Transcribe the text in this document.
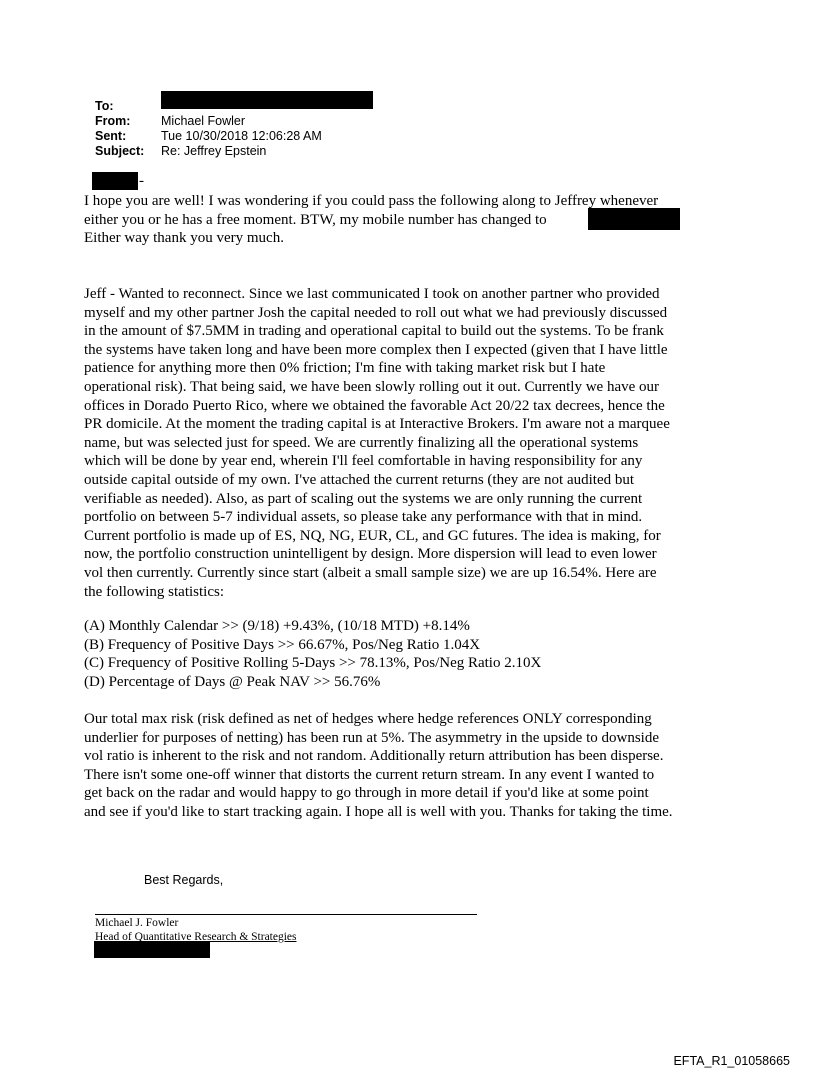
To:
From:	Michael Fowler
Sent:	Tue 10/30/2018 12:06:28 AM
Subject:	Re: Jeffrey Epstein
-

I hope you are well! I was wondering if you could pass the following along to Jeffrey whenever

either you or he has a free moment. BTW, my mobile number has changed to

Either way thank you very much.

Jeff - Wanted to reconnect. Since we last communicated I took on another partner who provided

myself and my other partner Josh the capital needed to roll out what we had previously discussed

in the amount of $7.5MM in trading and operational capital to build out the systems. To be frank

the systems have taken long and have been more complex then I expected (given that I have little

patience for anything more then 0% friction; I'm fine with taking market risk but I hate

operational risk). That being said, we have been slowly rolling out it out. Currently we have our

offices in Dorado Puerto Rico, where we obtained the favorable Act 20/22 tax decrees, hence the

PR domicile. At the moment the trading capital is at Interactive Brokers. I'm aware not a marquee

name, but was selected just for speed. We are currently finalizing all the operational systems

which will be done by year end, wherein I'll feel comfortable in having responsibility for any

outside capital outside of my own. I've attached the current returns (they are not audited but

verifiable as needed). Also, as part of scaling out the systems we are only running the current

portfolio on between 5-7 individual assets, so please take any performance with that in mind.

Current portfolio is made up of ES, NQ, NG, EUR, CL, and GC futures. The idea is making, for

now, the portfolio construction unintelligent by design. More dispersion will lead to even lower

vol then currently. Currently since start (albeit a small sample size) we are up 16.54%. Here are

the following statistics:

(A) Monthly Calendar >> (9/18) +9.43%, (10/18 MTD) +8.14%

(B) Frequency of Positive Days >> 66.67%, Pos/Neg Ratio 1.04X

(C) Frequency of Positive Rolling 5-Days >> 78.13%, Pos/Neg Ratio 2.10X

(D) Percentage of Days @ Peak NAV >> 56.76%

Our total max risk (risk defined as net of hedges where hedge references ONLY corresponding

underlier for purposes of netting) has been run at 5%. The asymmetry in the upside to downside

vol ratio is inherent to the risk and not random. Additionally return attribution has been disperse.

There isn't some one-off winner that distorts the current return stream. In any event I wanted to

get back on the radar and would happy to go through in more detail if you'd like at some point

and see if you'd like to start tracking again. I hope all is well with you. Thanks for taking the time.

Best Regards,
Michael J. Fowler
Head of Quantitative Research & Strategies
EFTA_R1_01058665
